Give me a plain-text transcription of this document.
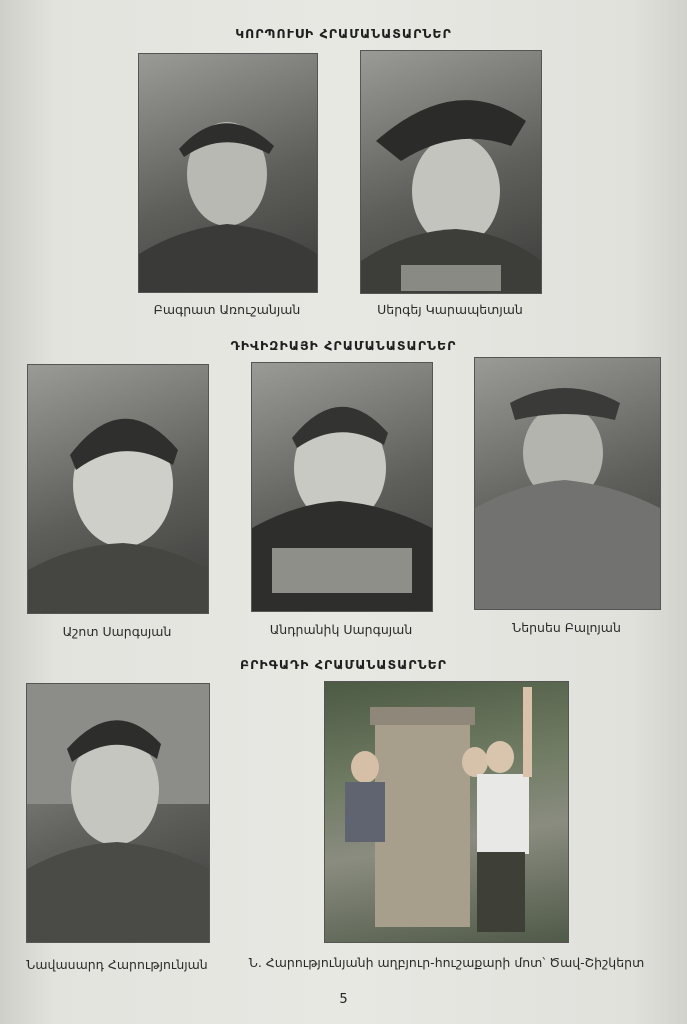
ԿՈՐՊՈՒՍԻ ՀՐԱՄԱՆԱՏԱՐՆԵՐ
Բագրատ Առուշանյան	Սերգեյ Կարապետյան
ԴԻՎԻԶԻԱՅԻ ՀՐԱՄԱՆԱՏԱՐՆԵՐ
Աշոտ Սարգսյան	Անդրանիկ Սարգսյան	Ներսես Բալոյան
ԲՐԻԳԱԴԻ ՀՐԱՄԱՆԱՏԱՐՆԵՐ
Նավասարդ Հարությունյան	Ն. Հարությունյանի աղբյուր-հուշաքարի մոտ՝ Ծավ-Շիշկերտ
5
